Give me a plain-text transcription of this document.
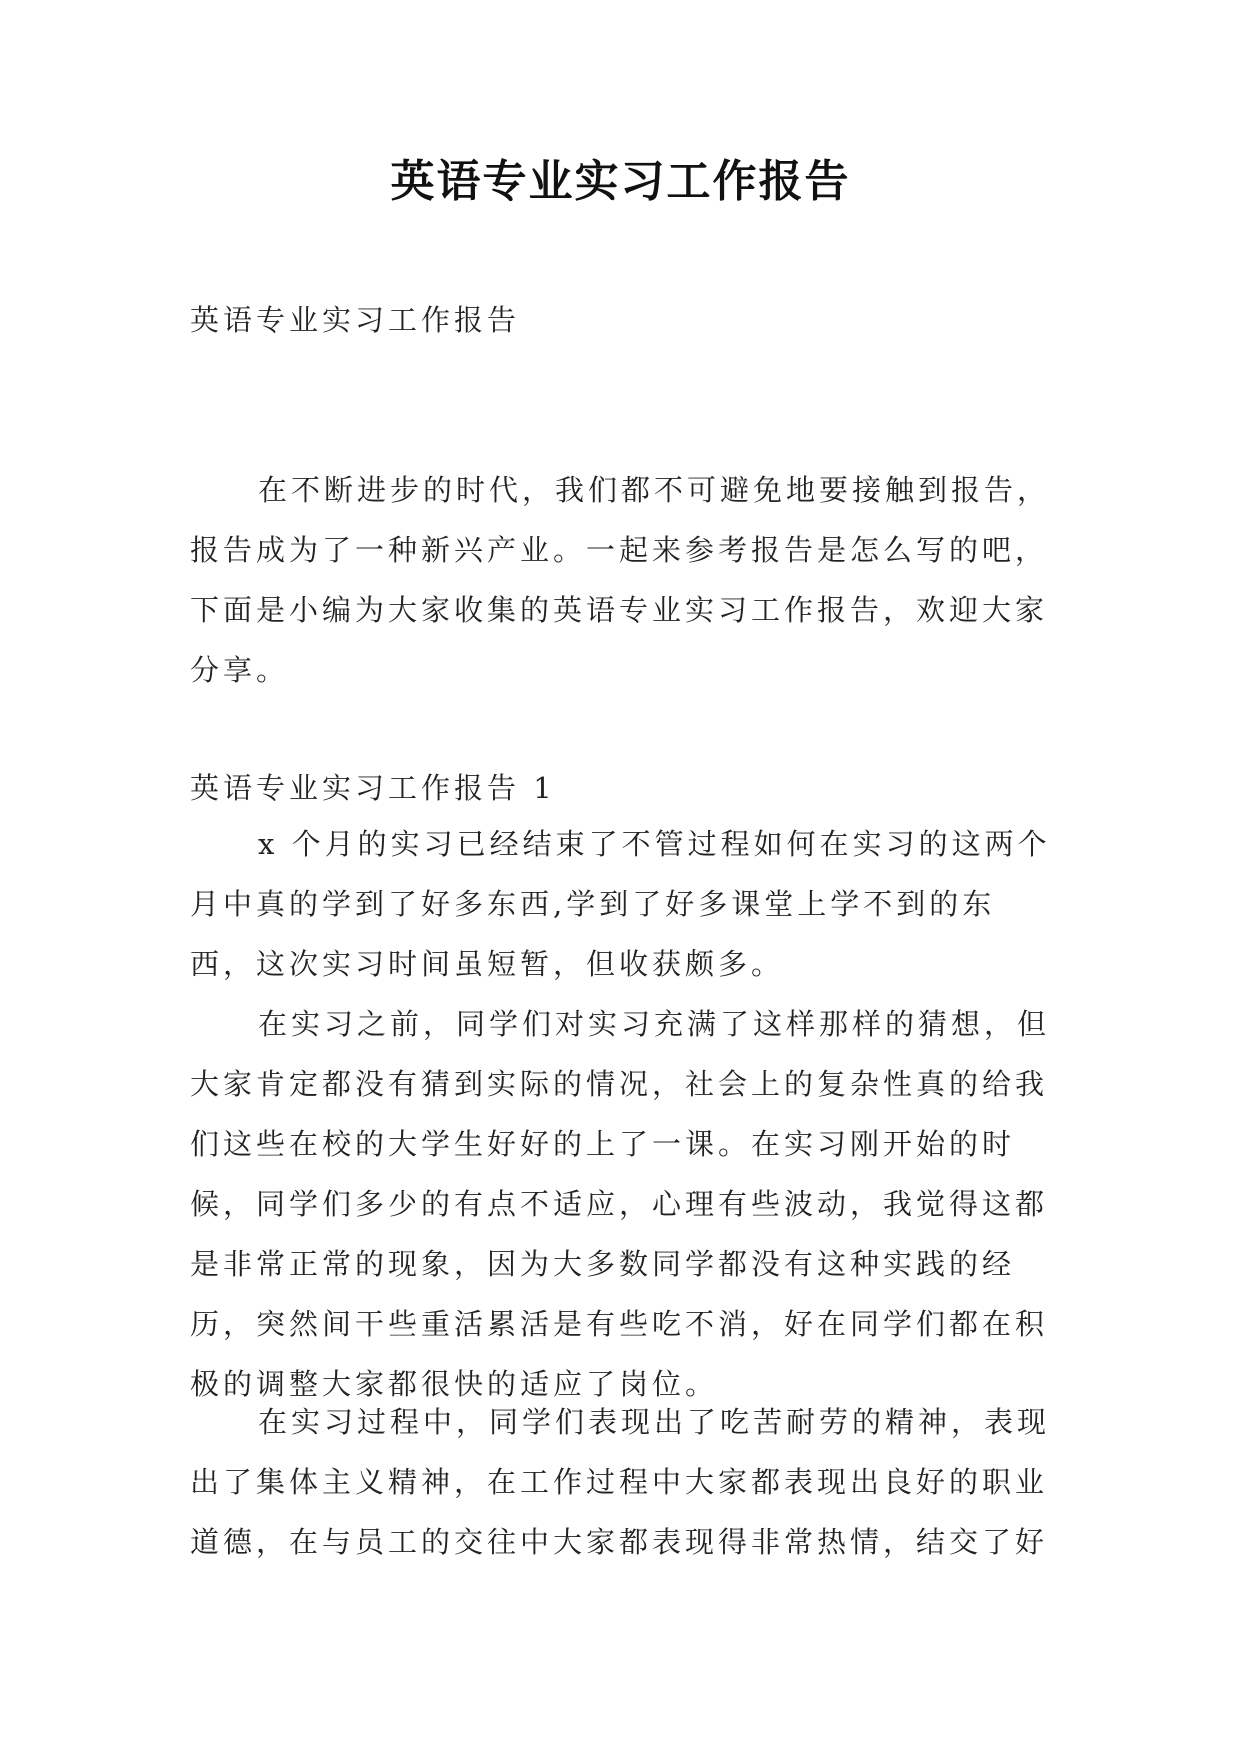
英语专业实习工作报告

英语专业实习工作报告

在不断进步的时代，我们都不可避免地要接触到报告，报告成为了一种新兴产业。一起来参考报告是怎么写的吧，下面是小编为大家收集的英语专业实习工作报告，欢迎大家分享。

英语专业实习工作报告 1

x 个月的实习已经结束了不管过程如何在实习的这两个月中真的学到了好多东西,学到了好多课堂上学不到的东西，这次实习时间虽短暂，但收获颇多。

在实习之前，同学们对实习充满了这样那样的猜想，但大家肯定都没有猜到实际的情况，社会上的复杂性真的给我们这些在校的大学生好好的上了一课。在实习刚开始的时候，同学们多少的有点不适应，心理有些波动，我觉得这都是非常正常的现象，因为大多数同学都没有这种实践的经历，突然间干些重活累活是有些吃不消，好在同学们都在积极的调整大家都很快的适应了岗位。

在实习过程中，同学们表现出了吃苦耐劳的精神，表现出了集体主义精神，在工作过程中大家都表现出良好的职业道德，在与员工的交往中大家都表现得非常热情，结交了好
